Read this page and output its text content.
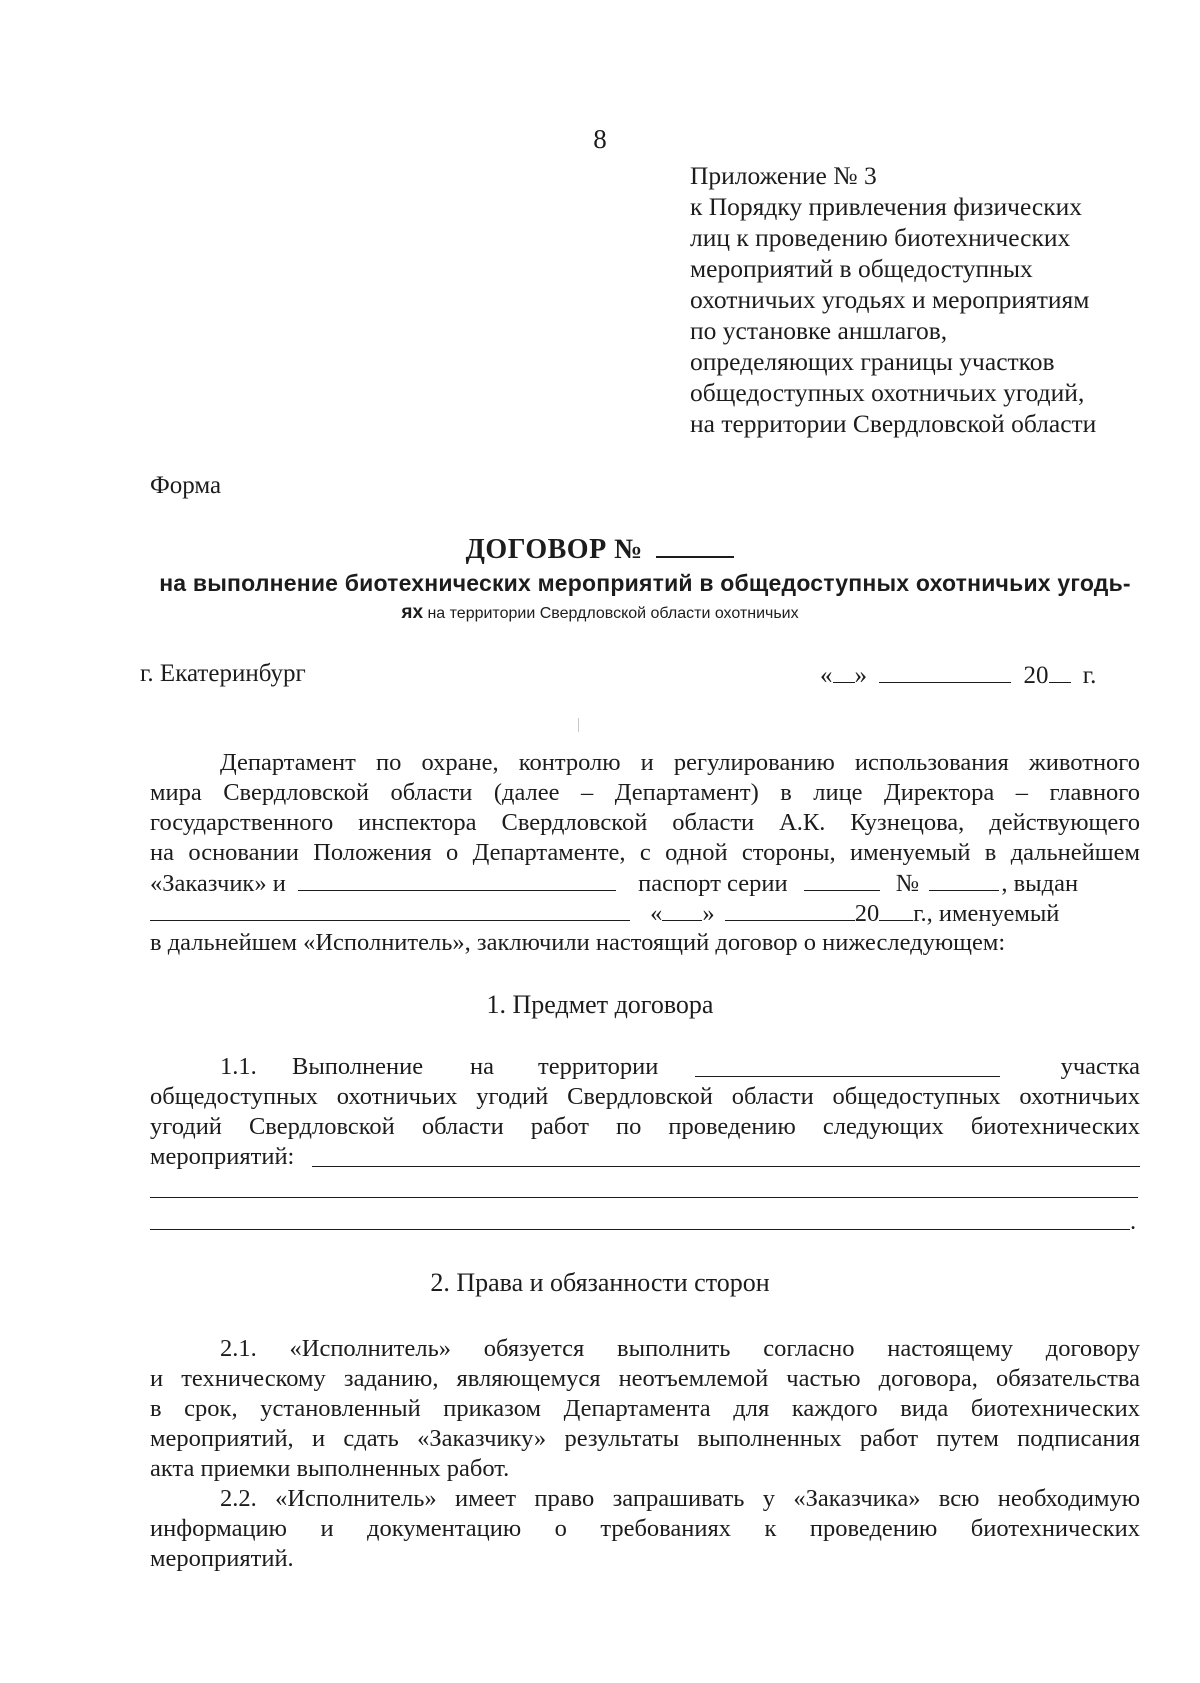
8
Приложение № 3
к Порядку привлечения физических
лиц к проведению биотехнических
мероприятий в общедоступных
охотничьих угодьях и мероприятиям
по установке аншлагов,
определяющих границы участков
общедоступных охотничьих угодий,
на территории Свердловской области
Форма
ДОГОВОР №
на выполнение биотехнических мероприятий в общедоступных охотничьих угодь-
ях на территории Свердловской области охотничьих
г. Екатеринбург	« »	20 г.
Департамент по охране, контролю и регулированию использования животного
мира Свердловской области (далее – Департамент) в лице Директора – главного
государственного инспектора Свердловской области А.К. Кузнецова, действующего
на основании Положения о Департаменте, с одной стороны, именуемый в дальнейшем
«Заказчик» и	паспорт серии	№	, выдан
« »	20 г., именуемый
в дальнейшем «Исполнитель», заключили настоящий договор о нижеследующем:
1. Предмет договора
1.1. Выполнение на территории	участка
общедоступных охотничьих угодий Свердловской области общедоступных охотничьих
угодий Свердловской области работ по проведению следующих биотехнических
мероприятий:
.
2. Права и обязанности сторон
2.1. «Исполнитель» обязуется выполнить согласно настоящему договору
и техническому заданию, являющемуся неотъемлемой частью договора, обязательства
в срок, установленный приказом Департамента для каждого вида биотехнических
мероприятий, и сдать «Заказчику» результаты выполненных работ путем подписания
акта приемки выполненных работ.
2.2. «Исполнитель» имеет право запрашивать у «Заказчика» всю необходимую
информацию и документацию о требованиях к проведению биотехнических
мероприятий.
